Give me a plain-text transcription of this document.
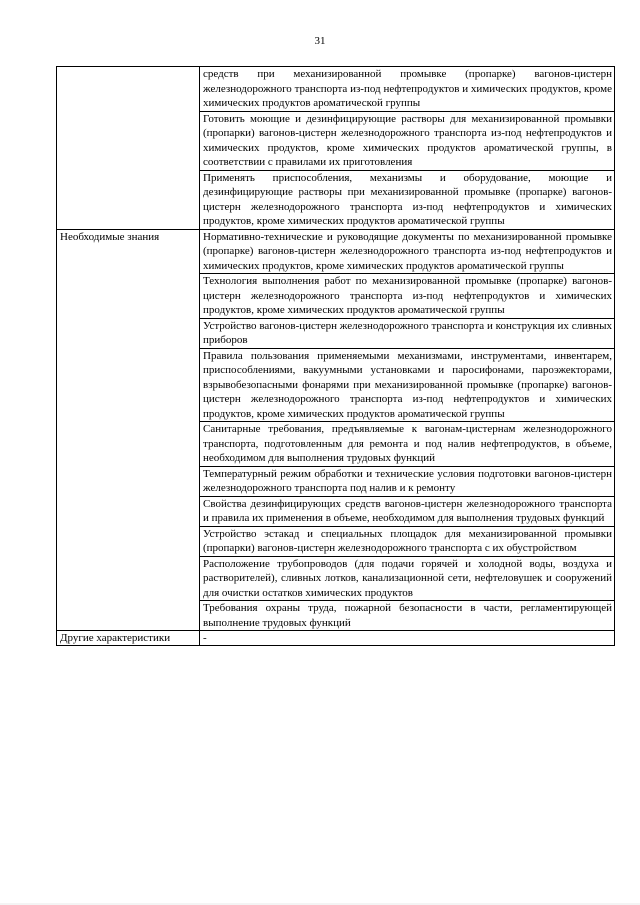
31
	средств при механизированной промывке (пропарке) вагонов-цистерн железнодорожного транспорта из-под нефтепродуктов и химических продуктов, кроме химических продуктов ароматической группы
	Готовить моющие и дезинфицирующие растворы для механизированной промывки (пропарки) вагонов-цистерн железнодорожного транспорта из-под нефтепродуктов и химических продуктов, кроме химических продуктов ароматической группы, в соответствии с правилами их приготовления
	Применять приспособления, механизмы и оборудование, моющие и дезинфицирующие растворы при механизированной промывке (пропарке) вагонов-цистерн железнодорожного транспорта из-под нефтепродуктов и химических продуктов, кроме химических продуктов ароматической группы
Необходимые знания	Нормативно-технические и руководящие документы по механизированной промывке (пропарке) вагонов-цистерн железнодорожного транспорта из-под нефтепродуктов и химических продуктов, кроме химических продуктов ароматической группы
	Технология выполнения работ по механизированной промывке (пропарке) вагонов-цистерн железнодорожного транспорта из-под нефтепродуктов и химических продуктов, кроме химических продуктов ароматической группы
	Устройство вагонов-цистерн железнодорожного транспорта и конструкция их сливных приборов
	Правила пользования применяемыми механизмами, инструментами, инвентарем, приспособлениями, вакуумными установками и паросифонами, пароэжекторами, взрывобезопасными фонарями при механизированной промывке (пропарке) вагонов-цистерн железнодорожного транспорта из-под нефтепродуктов и химических продуктов, кроме химических продуктов ароматической группы
	Санитарные требования, предъявляемые к вагонам-цистернам железнодорожного транспорта, подготовленным для ремонта и под налив нефтепродуктов, в объеме, необходимом для выполнения трудовых функций
	Температурный режим обработки и технические условия подготовки вагонов-цистерн железнодорожного транспорта под налив и к ремонту
	Свойства дезинфицирующих средств вагонов-цистерн железнодорожного транспорта и правила их применения в объеме, необходимом для выполнения трудовых функций
	Устройство эстакад и специальных площадок для механизированной промывки (пропарки) вагонов-цистерн железнодорожного транспорта с их обустройством
	Расположение трубопроводов (для подачи горячей и холодной воды, воздуха и растворителей), сливных лотков, канализационной сети, нефтеловушек и сооружений для очистки остатков химических продуктов
	Требования охраны труда, пожарной безопасности в части, регламентирующей выполнение трудовых функций
Другие характеристики	-
